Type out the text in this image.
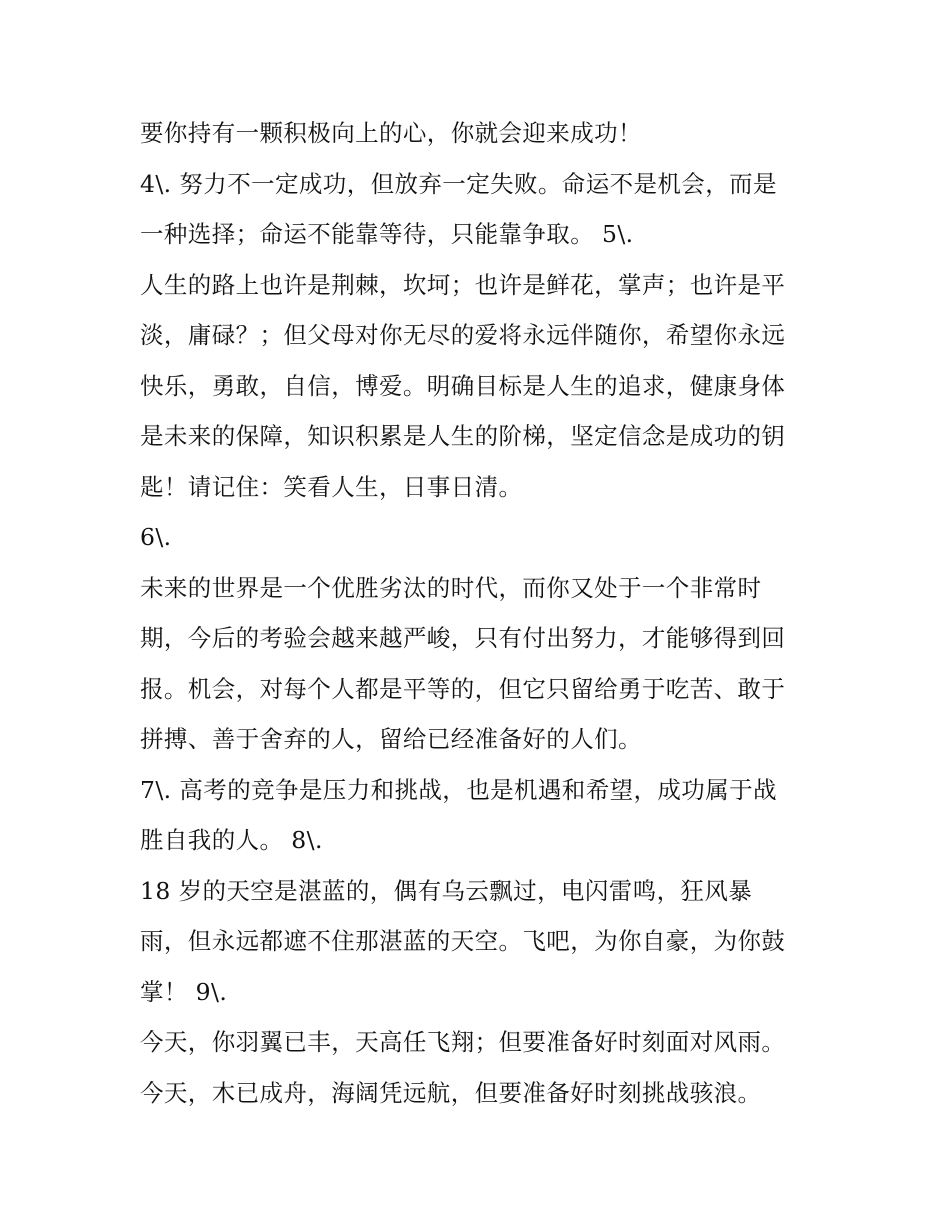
要你持有一颗积极向上的心，你就会迎来成功！
4\. 努力不一定成功，但放弃一定失败。命运不是机会，而是
一种选择；命运不能靠等待，只能靠争取。 5\.
人生的路上也许是荆棘，坎坷；也许是鲜花，掌声；也许是平
淡，庸碌？；但父母对你无尽的爱将永远伴随你，希望你永远
快乐，勇敢，自信，博爱。明确目标是人生的追求，健康身体
是未来的保障，知识积累是人生的阶梯，坚定信念是成功的钥
匙！请记住：笑看人生，日事日清。
6\.
未来的世界是一个优胜劣汰的时代，而你又处于一个非常时
期，今后的考验会越来越严峻，只有付出努力，才能够得到回
报。机会，对每个人都是平等的，但它只留给勇于吃苦、敢于
拼搏、善于舍弃的人，留给已经准备好的人们。
7\. 高考的竞争是压力和挑战，也是机遇和希望，成功属于战
胜自我的人。 8\.
18 岁的天空是湛蓝的，偶有乌云飘过，电闪雷鸣，狂风暴
雨，但永远都遮不住那湛蓝的天空。飞吧，为你自豪，为你鼓
掌！ 9\.
今天，你羽翼已丰，天高任飞翔；但要准备好时刻面对风雨。
今天，木已成舟，海阔凭远航，但要准备好时刻挑战骇浪。
